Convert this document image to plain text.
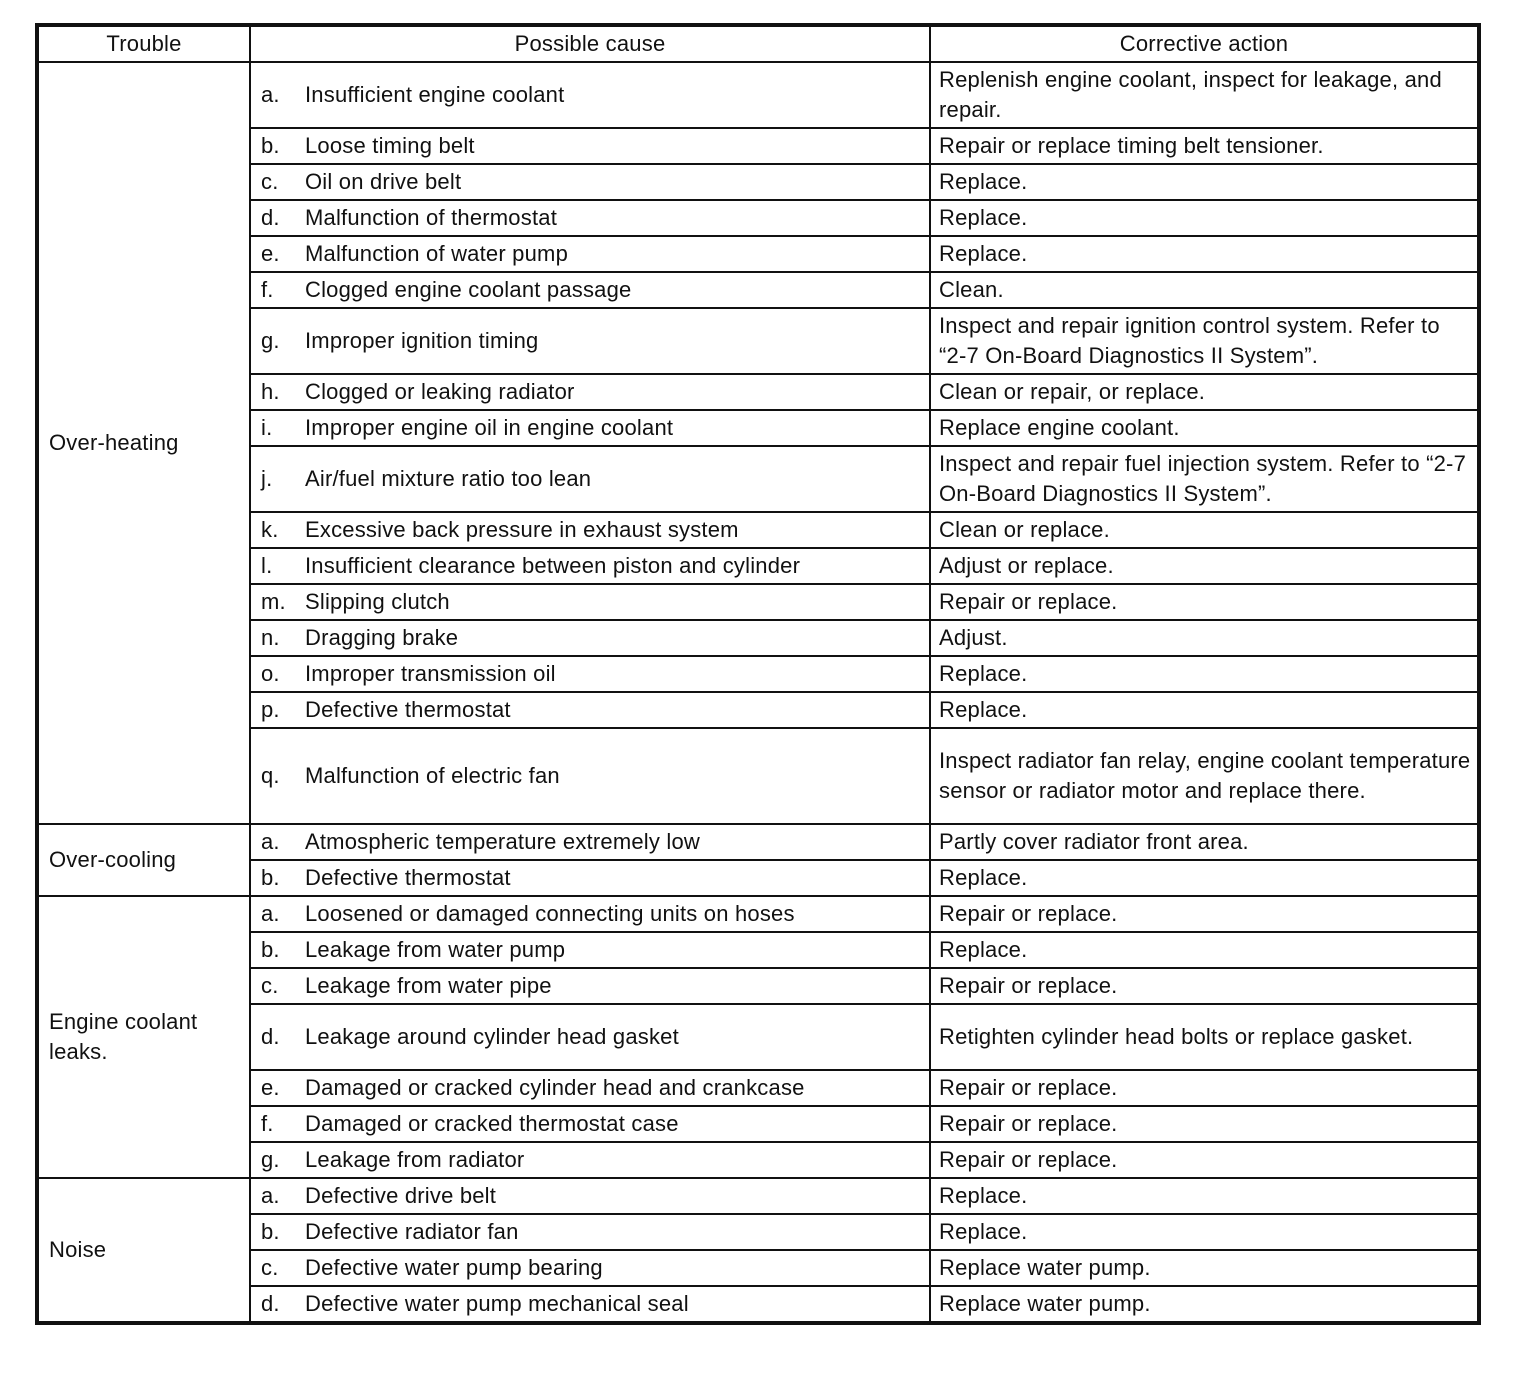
Trouble	Possible cause	Corrective action
Over-heating	a. Insufficient engine coolant	Replenish engine coolant, inspect for leakage, and repair.
	b. Loose timing belt	Repair or replace timing belt tensioner.
	c. Oil on drive belt	Replace.
	d. Malfunction of thermostat	Replace.
	e. Malfunction of water pump	Replace.
	f. Clogged engine coolant passage	Clean.
	g. Improper ignition timing	Inspect and repair ignition control system. Refer to “2-7 On-Board Diagnostics II System”.
	h. Clogged or leaking radiator	Clean or repair, or replace.
	i. Improper engine oil in engine coolant	Replace engine coolant.
	j. Air/fuel mixture ratio too lean	Inspect and repair fuel injection system. Refer to “2-7 On-Board Diagnostics II System”.
	k. Excessive back pressure in exhaust system	Clean or replace.
	l. Insufficient clearance between piston and cylinder	Adjust or replace.
	m. Slipping clutch	Repair or replace.
	n. Dragging brake	Adjust.
	o. Improper transmission oil	Replace.
	p. Defective thermostat	Replace.
	q. Malfunction of electric fan	Inspect radiator fan relay, engine coolant temperature sensor or radiator motor and replace there.
Over-cooling	a. Atmospheric temperature extremely low	Partly cover radiator front area.
	b. Defective thermostat	Replace.
Engine coolant leaks.	a. Loosened or damaged connecting units on hoses	Repair or replace.
	b. Leakage from water pump	Replace.
	c. Leakage from water pipe	Repair or replace.
	d. Leakage around cylinder head gasket	Retighten cylinder head bolts or replace gasket.
	e. Damaged or cracked cylinder head and crankcase	Repair or replace.
	f. Damaged or cracked thermostat case	Repair or replace.
	g. Leakage from radiator	Repair or replace.
Noise	a. Defective drive belt	Replace.
	b. Defective radiator fan	Replace.
	c. Defective water pump bearing	Replace water pump.
	d. Defective water pump mechanical seal	Replace water pump.
